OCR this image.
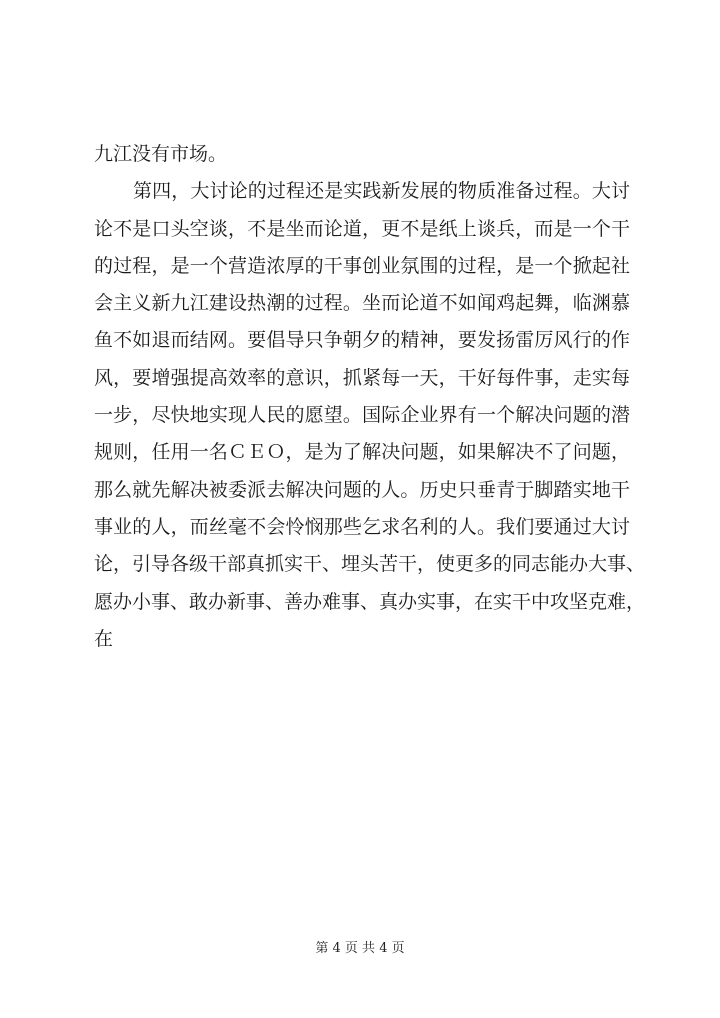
九江没有市场。
第四，大讨论的过程还是实践新发展的物质准备过程。大讨
论不是口头空谈，不是坐而论道，更不是纸上谈兵，而是一个干
的过程，是一个营造浓厚的干事创业氛围的过程，是一个掀起社
会主义新九江建设热潮的过程。坐而论道不如闻鸡起舞，临渊慕
鱼不如退而结网。要倡导只争朝夕的精神，要发扬雷厉风行的作
风，要增强提高效率的意识，抓紧每一天，干好每件事，走实每
一步，尽快地实现人民的愿望。国际企业界有一个解决问题的潜
规则，任用一名ＣＥＯ，是为了解决问题，如果解决不了问题，
那么就先解决被委派去解决问题的人。历史只垂青于脚踏实地干
事业的人，而丝毫不会怜悯那些乞求名利的人。我们要通过大讨
论，引导各级干部真抓实干、埋头苦干，使更多的同志能办大事、
愿办小事、敢办新事、善办难事、真办实事，在实干中攻坚克难，
在
第 4 页 共 4 页
